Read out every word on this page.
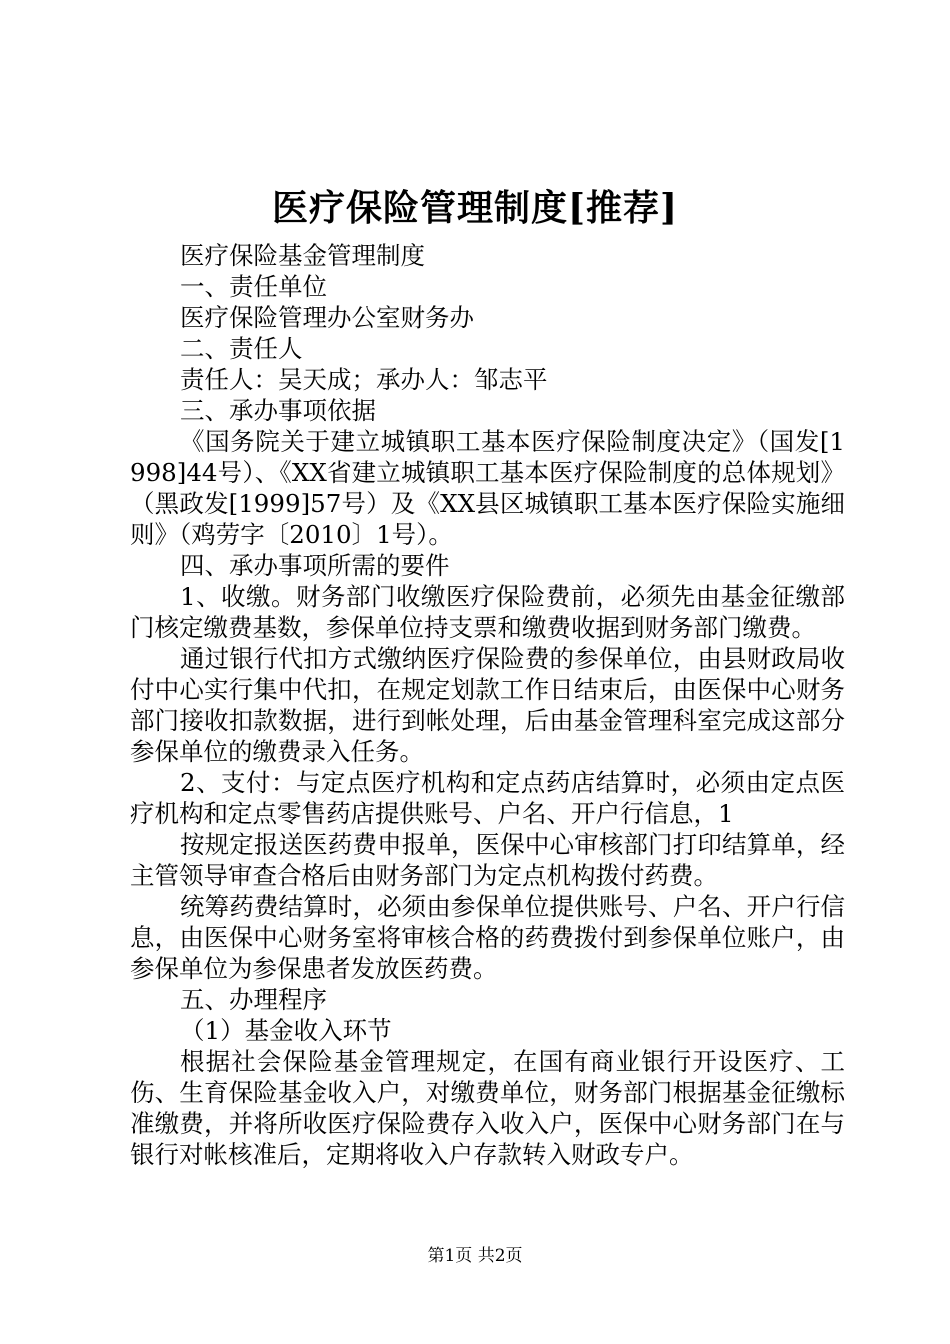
医疗保险管理制度[推荐]

医疗保险基金管理制度

一、责任单位

医疗保险管理办公室财务办

二、责任人

责任人：吴天成；承办人：邹志平

三、承办事项依据

《国务院关于建立城镇职工基本医疗保险制度决定》（国发[1998]44号）、《XX省建立城镇职工基本医疗保险制度的总体规划》（黑政发[1999]57号）及《XX县区城镇职工基本医疗保险实施细则》（鸡劳字〔2010〕1号）。

四、承办事项所需的要件

1、收缴。财务部门收缴医疗保险费前，必须先由基金征缴部门核定缴费基数，参保单位持支票和缴费收据到财务部门缴费。

通过银行代扣方式缴纳医疗保险费的参保单位，由县财政局收付中心实行集中代扣，在规定划款工作日结束后，由医保中心财务部门接收扣款数据，进行到帐处理，后由基金管理科室完成这部分参保单位的缴费录入任务。

2、支付：与定点医疗机构和定点药店结算时，必须由定点医疗机构和定点零售药店提供账号、户名、开户行信息，1

按规定报送医药费申报单，医保中心审核部门打印结算单，经主管领导审查合格后由财务部门为定点机构拨付药费。

统筹药费结算时，必须由参保单位提供账号、户名、开户行信息，由医保中心财务室将审核合格的药费拨付到参保单位账户，由参保单位为参保患者发放医药费。

五、办理程序

（1）基金收入环节

根据社会保险基金管理规定，在国有商业银行开设医疗、工伤、生育保险基金收入户，对缴费单位，财务部门根据基金征缴标准缴费，并将所收医疗保险费存入收入户，医保中心财务部门在与银行对帐核准后，定期将收入户存款转入财政专户。

第1页 共2页
